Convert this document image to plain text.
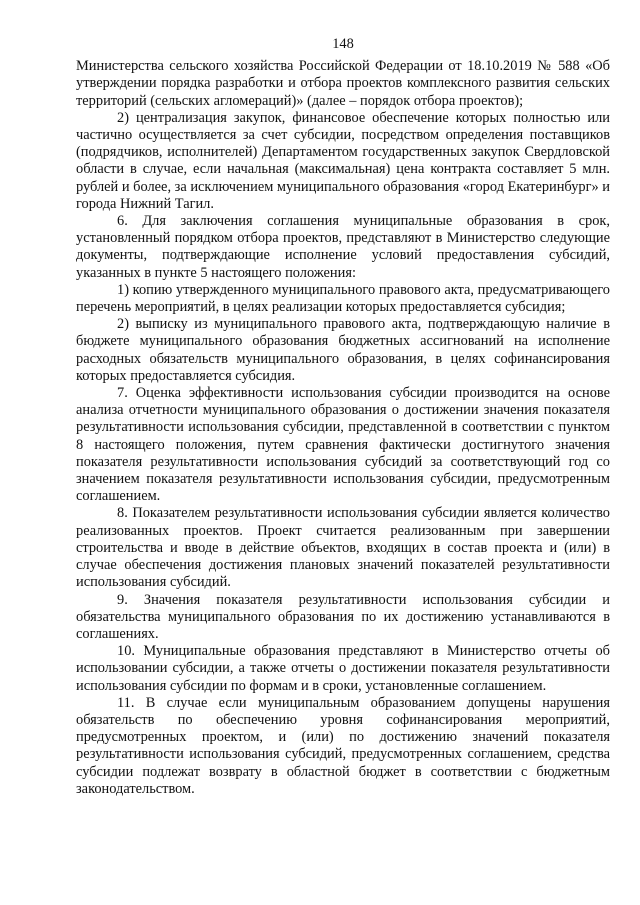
148

Министерства сельского хозяйства Российской Федерации от 18.10.2019 № 588 «Об утверждении порядка разработки и отбора проектов комплексного развития сельских территорий (сельских агломераций)» (далее – порядок отбора проектов);

2) централизация закупок, финансовое обеспечение которых полностью или частично осуществляется за счет субсидии, посредством определения поставщиков (подрядчиков, исполнителей) Департаментом государственных закупок Свердловской области в случае, если начальная (максимальная) цена контракта составляет 5 млн. рублей и более, за исключением муниципального образования «город Екатеринбург» и города Нижний Тагил.

6. Для заключения соглашения муниципальные образования в срок, установленный порядком отбора проектов, представляют в Министерство следующие документы, подтверждающие исполнение условий предоставления субсидий, указанных в пункте 5 настоящего положения:

1) копию утвержденного муниципального правового акта, предусматривающего перечень мероприятий, в целях реализации которых предоставляется субсидия;

2) выписку из муниципального правового акта, подтверждающую наличие в бюджете муниципального образования бюджетных ассигнований на исполнение расходных обязательств муниципального образования, в целях софинансирования которых предоставляется субсидия.

7. Оценка эффективности использования субсидии производится на основе анализа отчетности муниципального образования о достижении значения показателя результативности использования субсидии, представленной в соответствии с пунктом 8 настоящего положения, путем сравнения фактически достигнутого значения показателя результативности использования субсидий за соответствующий год со значением показателя результативности использования субсидии, предусмотренным соглашением.

8. Показателем результативности использования субсидии является количество реализованных проектов. Проект считается реализованным при завершении строительства и вводе в действие объектов, входящих в состав проекта и (или) в случае обеспечения достижения плановых значений показателей результативности использования субсидий.

9. Значения показателя результативности использования субсидии и обязательства муниципального образования по их достижению устанавливаются в соглашениях.

10. Муниципальные образования представляют в Министерство отчеты об использовании субсидии, а также отчеты о достижении показателя результативности использования субсидии по формам и в сроки, установленные соглашением.

11. В случае если муниципальным образованием допущены нарушения обязательств по обеспечению уровня софинансирования мероприятий, предусмотренных проектом, и (или) по достижению значений показателя результативности использования субсидий, предусмотренных соглашением, средства субсидии подлежат возврату в областной бюджет в соответствии с бюджетным законодательством.
